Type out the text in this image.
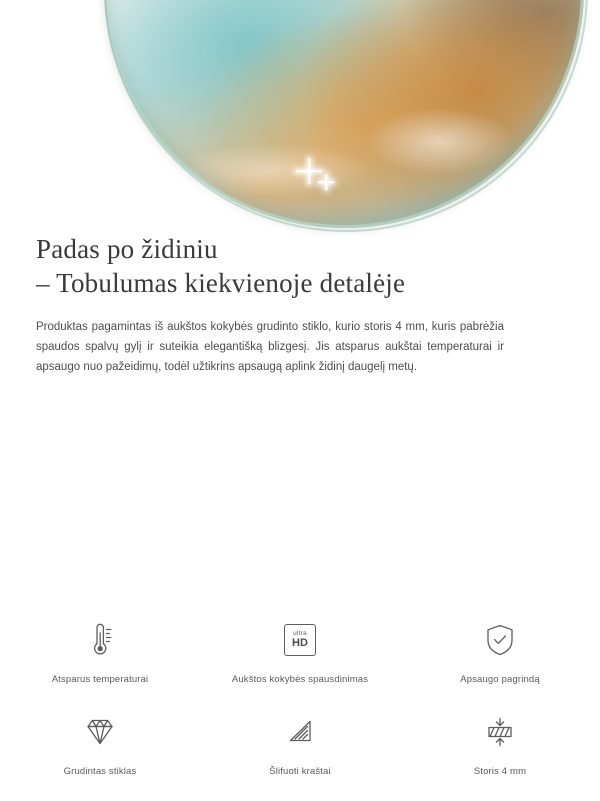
Padas po židiniu
– Tobulumas kiekvienoje detalėje

Produktas pagamintas iš aukštos kokybės grudinto stiklo, kurio storis 4 mm, kuris pabrėžia spaudos spalvų gylį ir suteikia elegantišką blizgesį. Jis atsparus aukštai temperaturai ir apsaugo nuo pažeidimų, todėl užtikrins apsaugą aplink židinį daugelį metų.

Atsparus temperaturai
ultra
HD
Aukštos kokybės spausdinimas	Apsaugo pagrindą
Grudintas stiklas	Šlifuoti kraštai	Storis 4 mm
